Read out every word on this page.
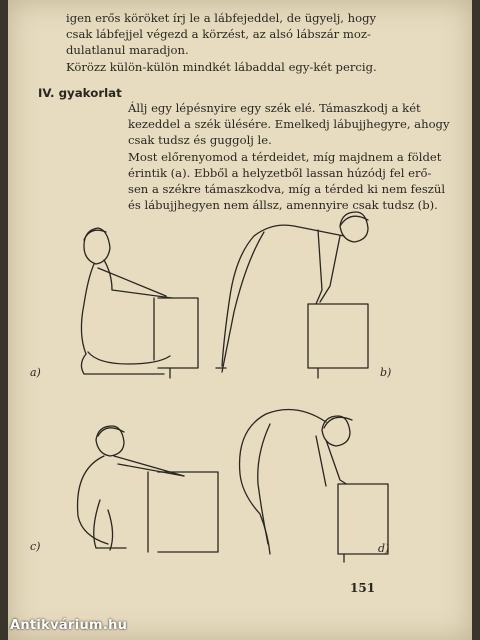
igen erős köröket írj le a lábfejeddel, de ügyelj, hogy
csak lábfejjel végezd a körzést, az alsó lábszár moz-
dulatlanul maradjon.
Körözz külön-külön mindkét lábaddal egy-két percig.
IV. gyakorlat
Állj egy lépésnyire egy szék elé. Támaszkodj a két
kezeddel a szék ülésére. Emelkedj lábujjhegyre, ahogy
csak tudsz és guggolj le.
Most előrenyomod a térdeidet, míg majdnem a földet
érintik (a). Ebből a helyzetből lassan húzódj fel erő-
sen a székre támaszkodva, míg a térded ki nem feszül
és lábujjhegyen nem állsz, amennyire csak tudsz (b).
a)	b)
c)	d)
151
Antikvárium.hu
